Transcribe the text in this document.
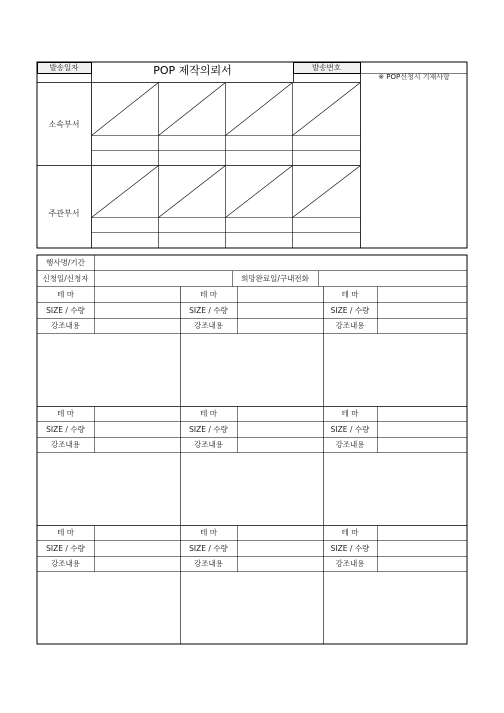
발송일자	POP 제작의뢰서	발송번호
※ POP신청시 기재사항
소속부서
주관부서
행사명/기간
신청일/신청자	희망완료일/구내전화
테 마
SIZE / 수량
강조내용
테 마
SIZE / 수량
강조내용
테 마
SIZE / 수량
강조내용
테 마
SIZE / 수량
강조내용
테 마
SIZE / 수량
강조내용
테 마
SIZE / 수량
강조내용
테 마
SIZE / 수량
강조내용
테 마
SIZE / 수량
강조내용
테 마
SIZE / 수량
강조내용
